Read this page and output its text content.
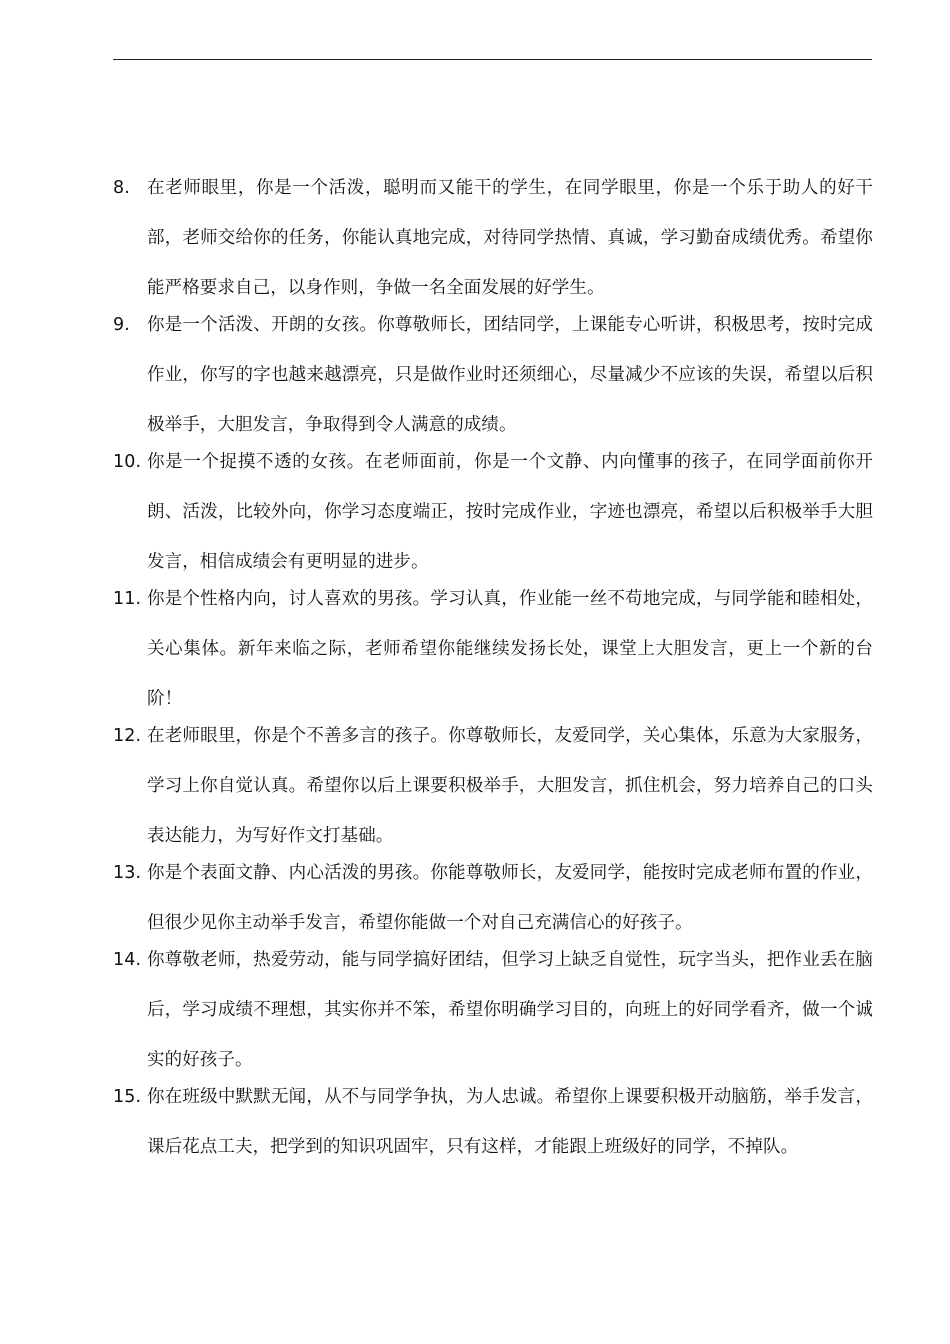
8. 在老师眼里，你是一个活泼，聪明而又能干的学生，在同学眼里，你是一个乐于助人的好干部，老师交给你的任务，你能认真地完成，对待同学热情、真诚，学习勤奋成绩优秀。希望你能严格要求自己，以身作则，争做一名全面发展的好学生。
9. 你是一个活泼、开朗的女孩。你尊敬师长，团结同学，上课能专心听讲，积极思考，按时完成作业，你写的字也越来越漂亮，只是做作业时还须细心，尽量减少不应该的失误，希望以后积极举手，大胆发言，争取得到令人满意的成绩。
10. 你是一个捉摸不透的女孩。在老师面前，你是一个文静、内向懂事的孩子，在同学面前你开朗、活泼，比较外向，你学习态度端正，按时完成作业，字迹也漂亮，希望以后积极举手大胆发言，相信成绩会有更明显的进步。
11. 你是个性格内向，讨人喜欢的男孩。学习认真，作业能一丝不苟地完成，与同学能和睦相处，关心集体。新年来临之际，老师希望你能继续发扬长处，课堂上大胆发言，更上一个新的台阶！
12. 在老师眼里，你是个不善多言的孩子。你尊敬师长，友爱同学，关心集体，乐意为大家服务，学习上你自觉认真。希望你以后上课要积极举手，大胆发言，抓住机会，努力培养自己的口头表达能力，为写好作文打基础。
13. 你是个表面文静、内心活泼的男孩。你能尊敬师长，友爱同学，能按时完成老师布置的作业，但很少见你主动举手发言，希望你能做一个对自己充满信心的好孩子。
14. 你尊敬老师，热爱劳动，能与同学搞好团结，但学习上缺乏自觉性，玩字当头，把作业丢在脑后，学习成绩不理想，其实你并不笨，希望你明确学习目的，向班上的好同学看齐，做一个诚实的好孩子。
15. 你在班级中默默无闻，从不与同学争执，为人忠诚。希望你上课要积极开动脑筋，举手发言，课后花点工夫，把学到的知识巩固牢，只有这样，才能跟上班级好的同学，不掉队。
